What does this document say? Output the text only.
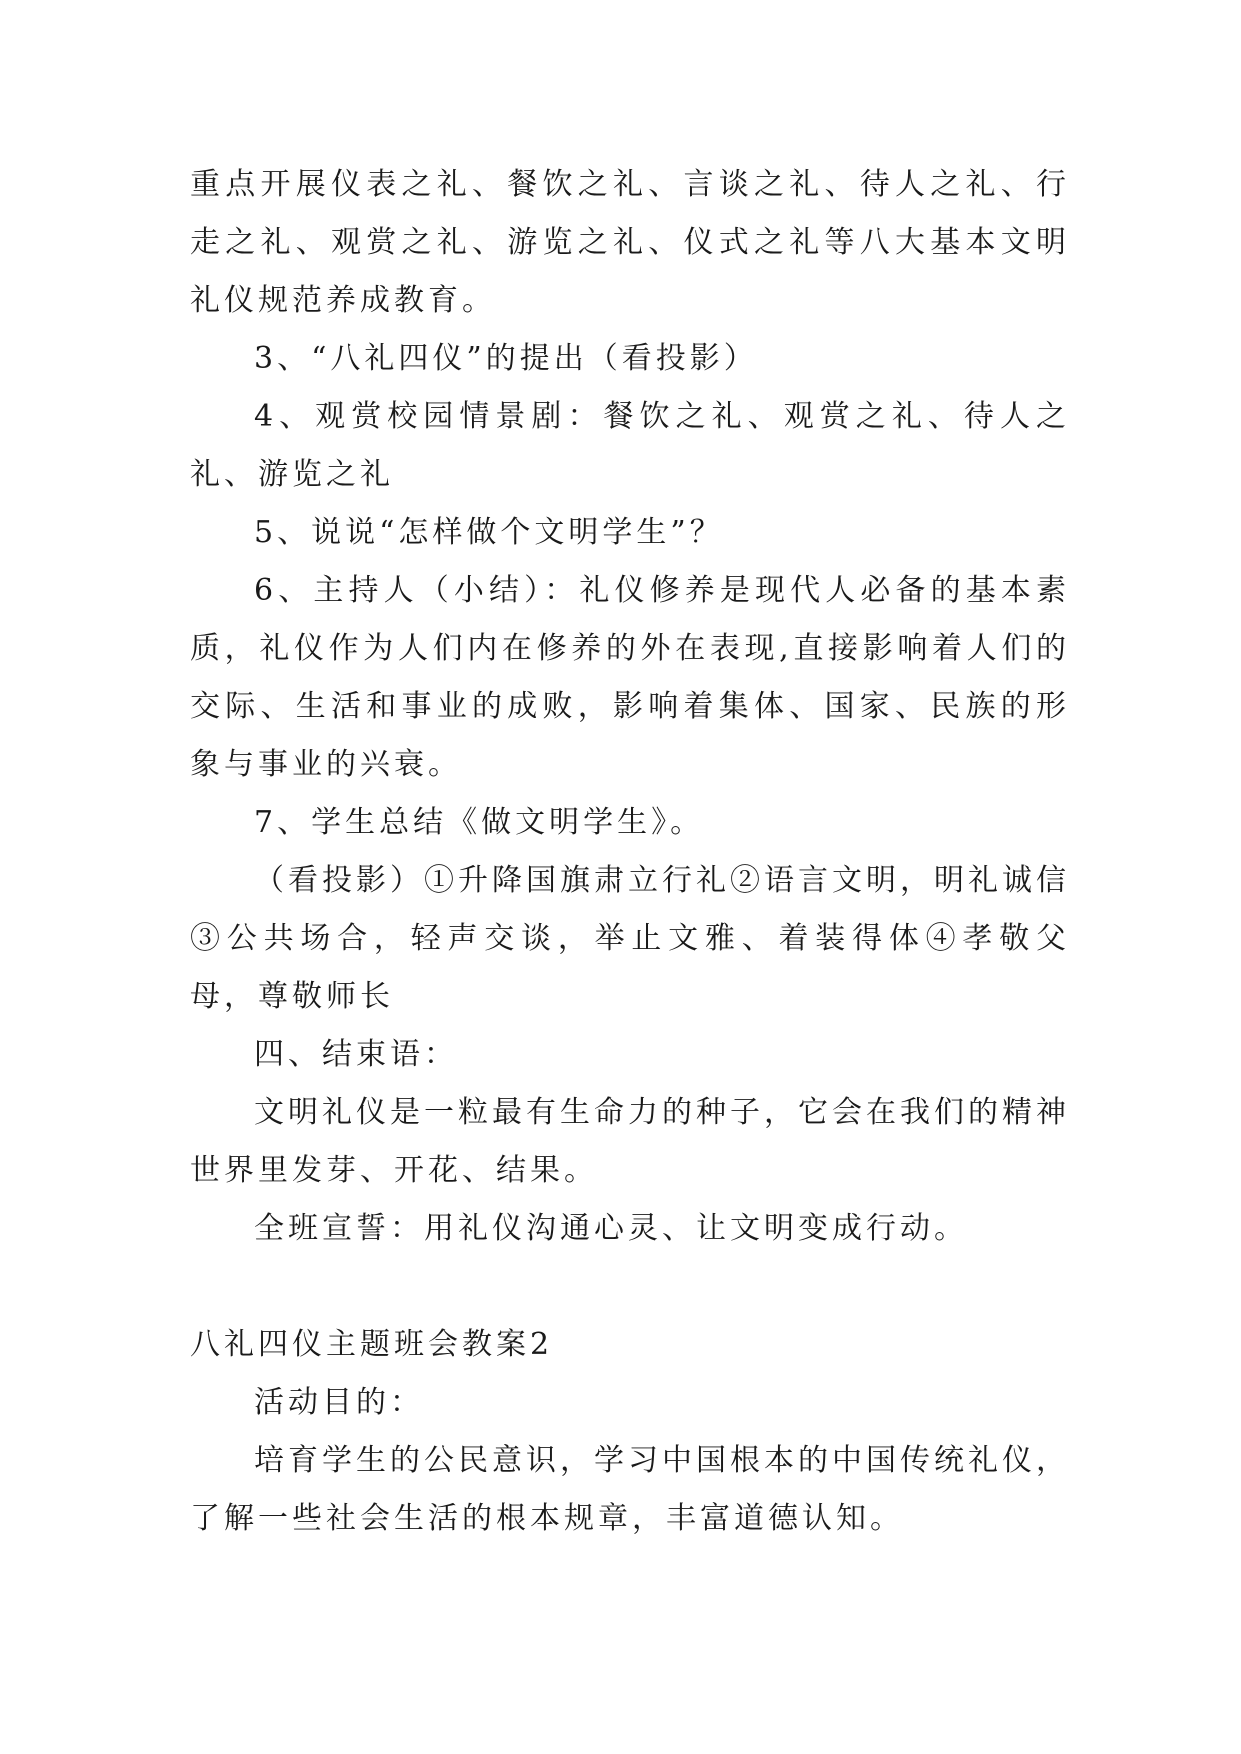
重点开展仪表之礼、餐饮之礼、言谈之礼、待人之礼、行走之礼、观赏之礼、游览之礼、仪式之礼等八大基本文明礼仪规范养成教育。

3、“八礼四仪”的提出（看投影）

4、观赏校园情景剧：餐饮之礼、观赏之礼、待人之礼、游览之礼

5、说说“怎样做个文明学生”？

6、主持人（小结）：礼仪修养是现代人必备的基本素质，礼仪作为人们内在修养的外在表现,直接影响着人们的交际、生活和事业的成败，影响着集体、国家、民族的形象与事业的兴衰。

7、学生总结《做文明学生》。

（看投影）①升降国旗肃立行礼②语言文明，明礼诚信③公共场合，轻声交谈，举止文雅、着装得体④孝敬父母，尊敬师长

四、结束语：

文明礼仪是一粒最有生命力的种子，它会在我们的精神世界里发芽、开花、结果。

全班宣誓：用礼仪沟通心灵、让文明变成行动。

八礼四仪主题班会教案2

活动目的：

培育学生的公民意识，学习中国根本的中国传统礼仪，了解一些社会生活的根本规章，丰富道德认知。
